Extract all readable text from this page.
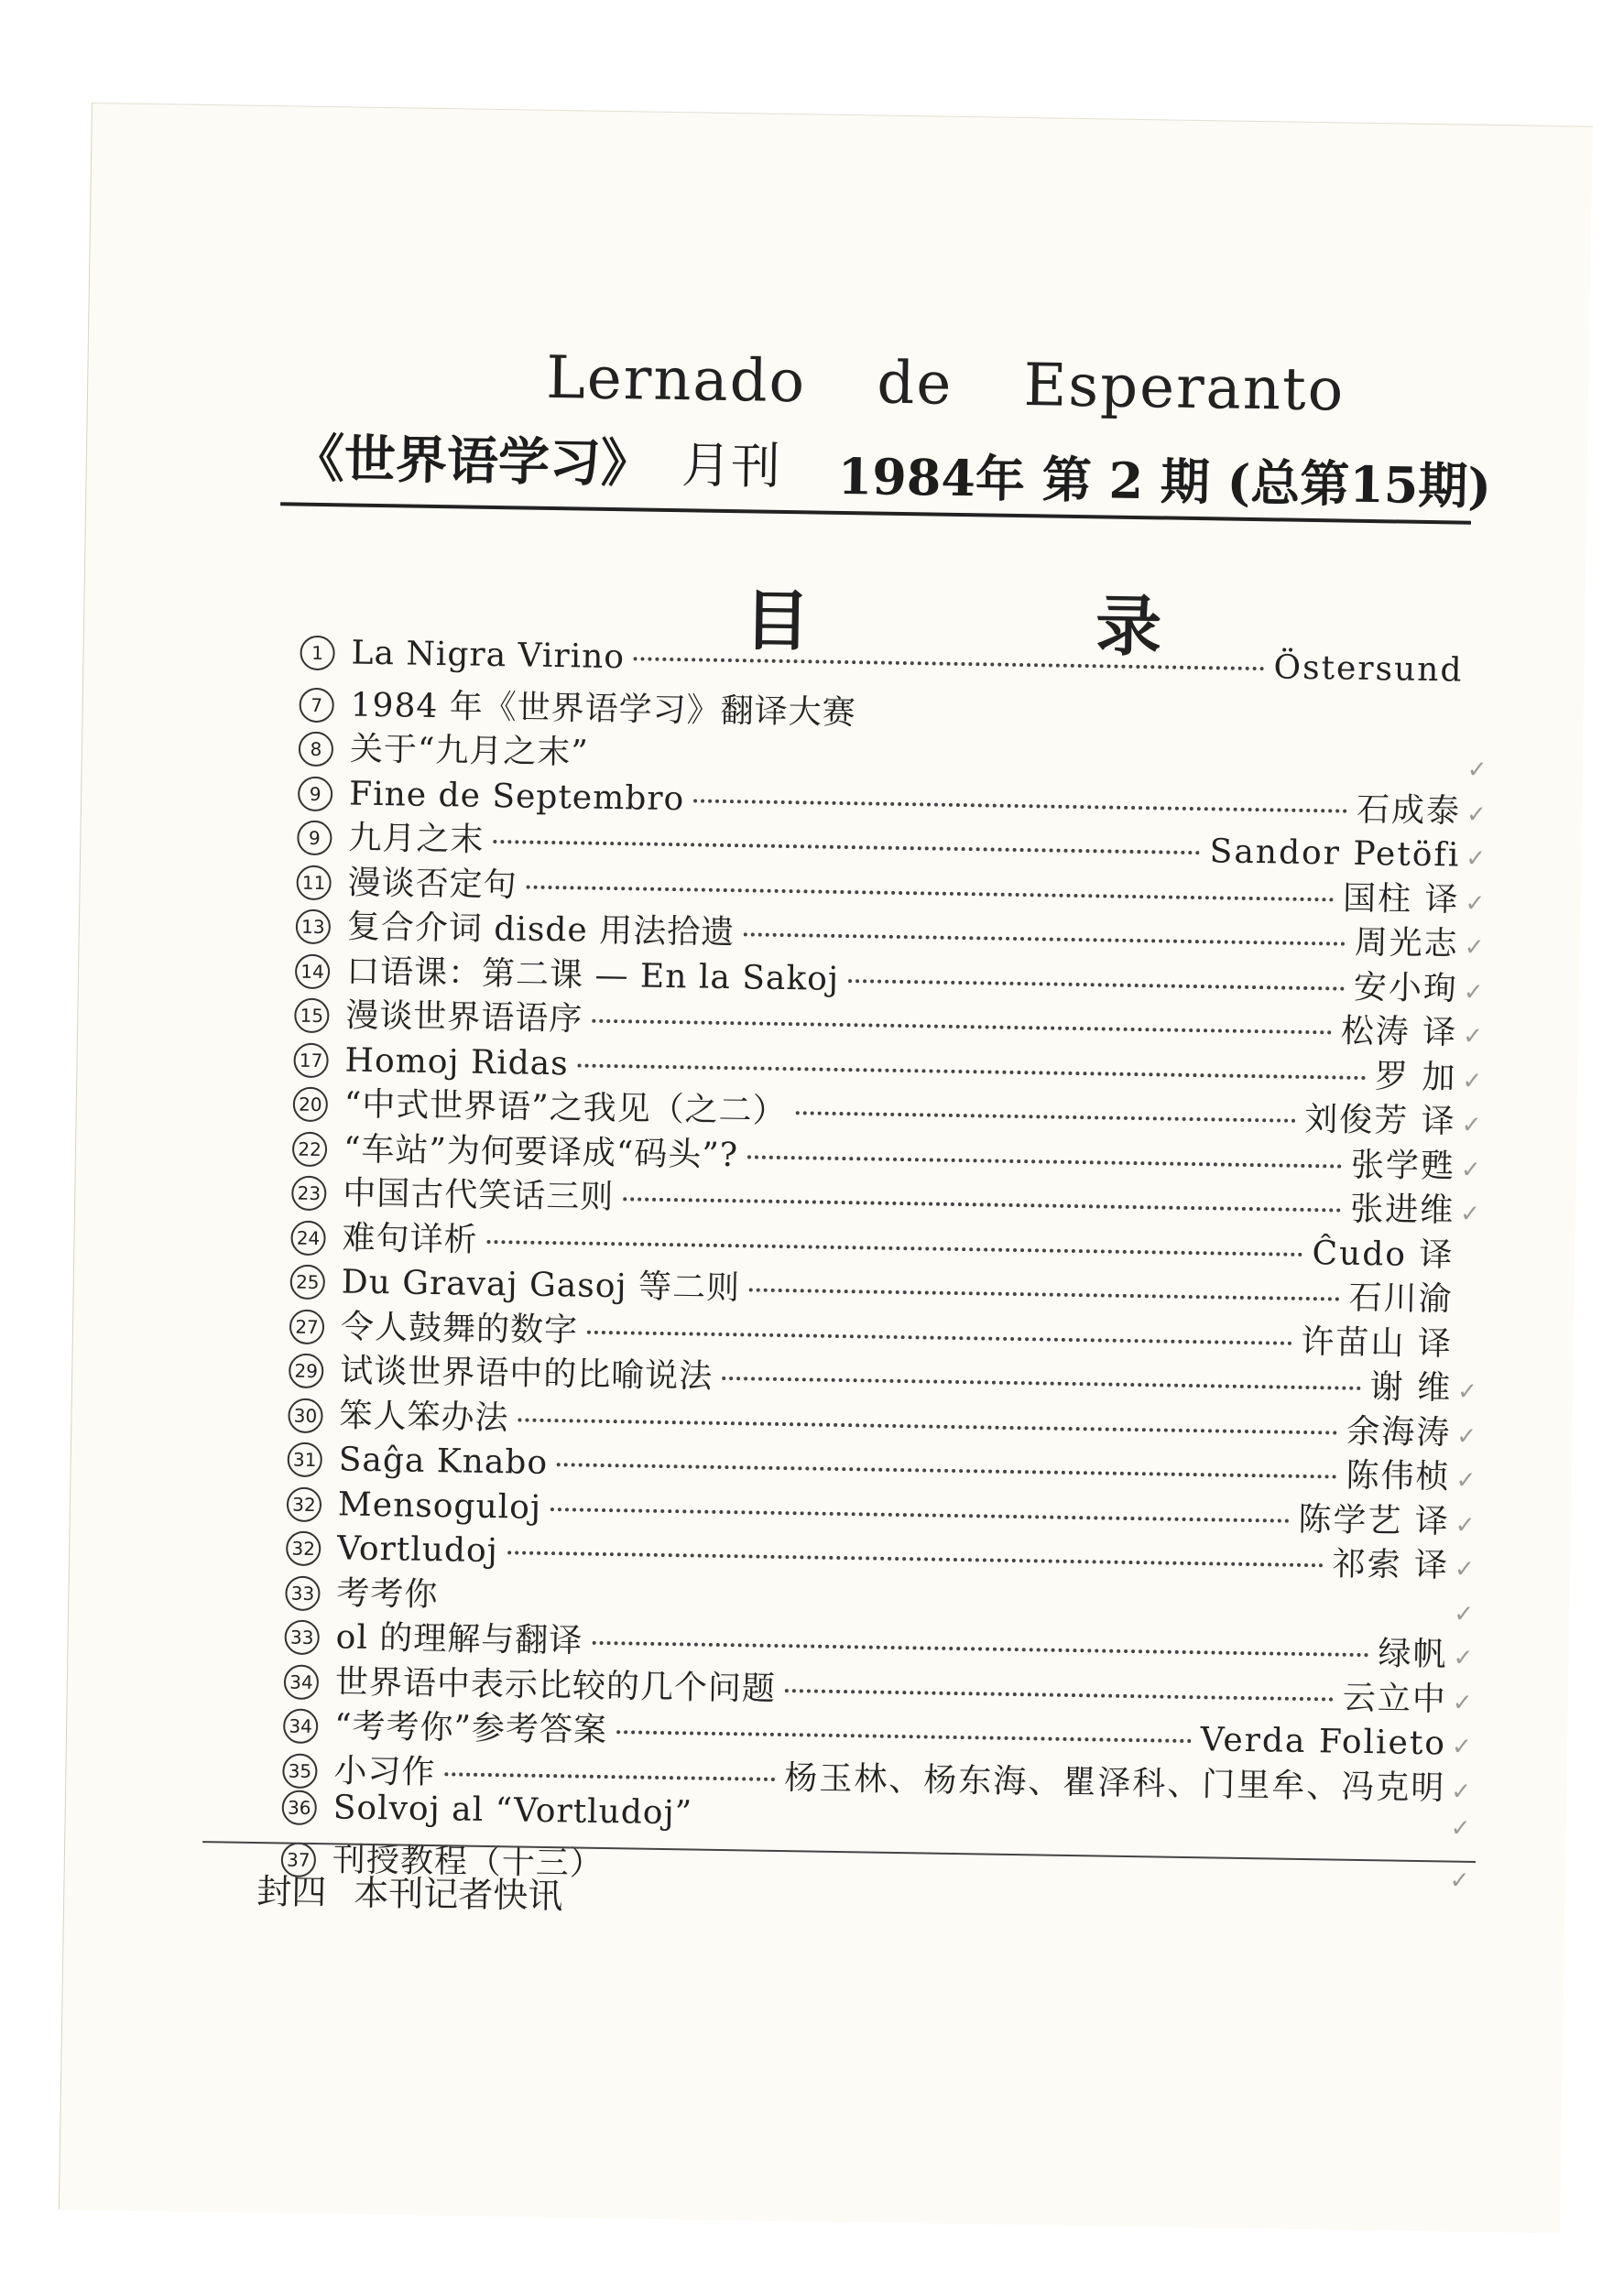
Lernado de Esperanto
《世界语学习》 月刊 1984年 第 2 期 (总第15期)
目　录
1 La Nigra Virino	Östersund
7 1984 年《世界语学习》翻译大赛
8 关于“九月之末”	✓
9 Fine de Septembro	石成泰 ✓
9 九月之末	Sandor Petöfi ✓
11 漫谈否定句	国柱 译 ✓
13 复合介词 disde 用法拾遗	周光志 ✓
14 口语课：第二课 — En la Sakoj	安小珣 ✓
15 漫谈世界语语序	松涛 译 ✓
17 Homoj Ridas	罗 加 ✓
20 “中式世界语”之我见（之二）	刘俊芳 译 ✓
22 “车站”为何要译成“码头”?	张学甦 ✓
23 中国古代笑话三则	张进维 ✓
24 难句详析	Ĉudo 译
25 Du Gravaj Gasoj 等二则	石川渝
27 令人鼓舞的数字	许苗山 译
29 试谈世界语中的比喻说法	谢 维 ✓
30 笨人笨办法	余海涛 ✓
31 Saĝa Knabo	陈伟桢 ✓
32 Mensoguloj	陈学艺 译 ✓
32 Vortludoj	祁索 译 ✓
33 考考你
✓
33 ol 的理解与翻译	绿帆 ✓
34 世界语中表示比较的几个问题	云立中 ✓
34 “考考你”参考答案	Verda Folieto ✓
35 小习作	杨玉林、杨东海、瞿泽科、门里牟、冯克明 ✓
36 Solvoj al “Vortludoj”	✓
37 刊授教程（十三）	✓
封四 本刊记者快讯
